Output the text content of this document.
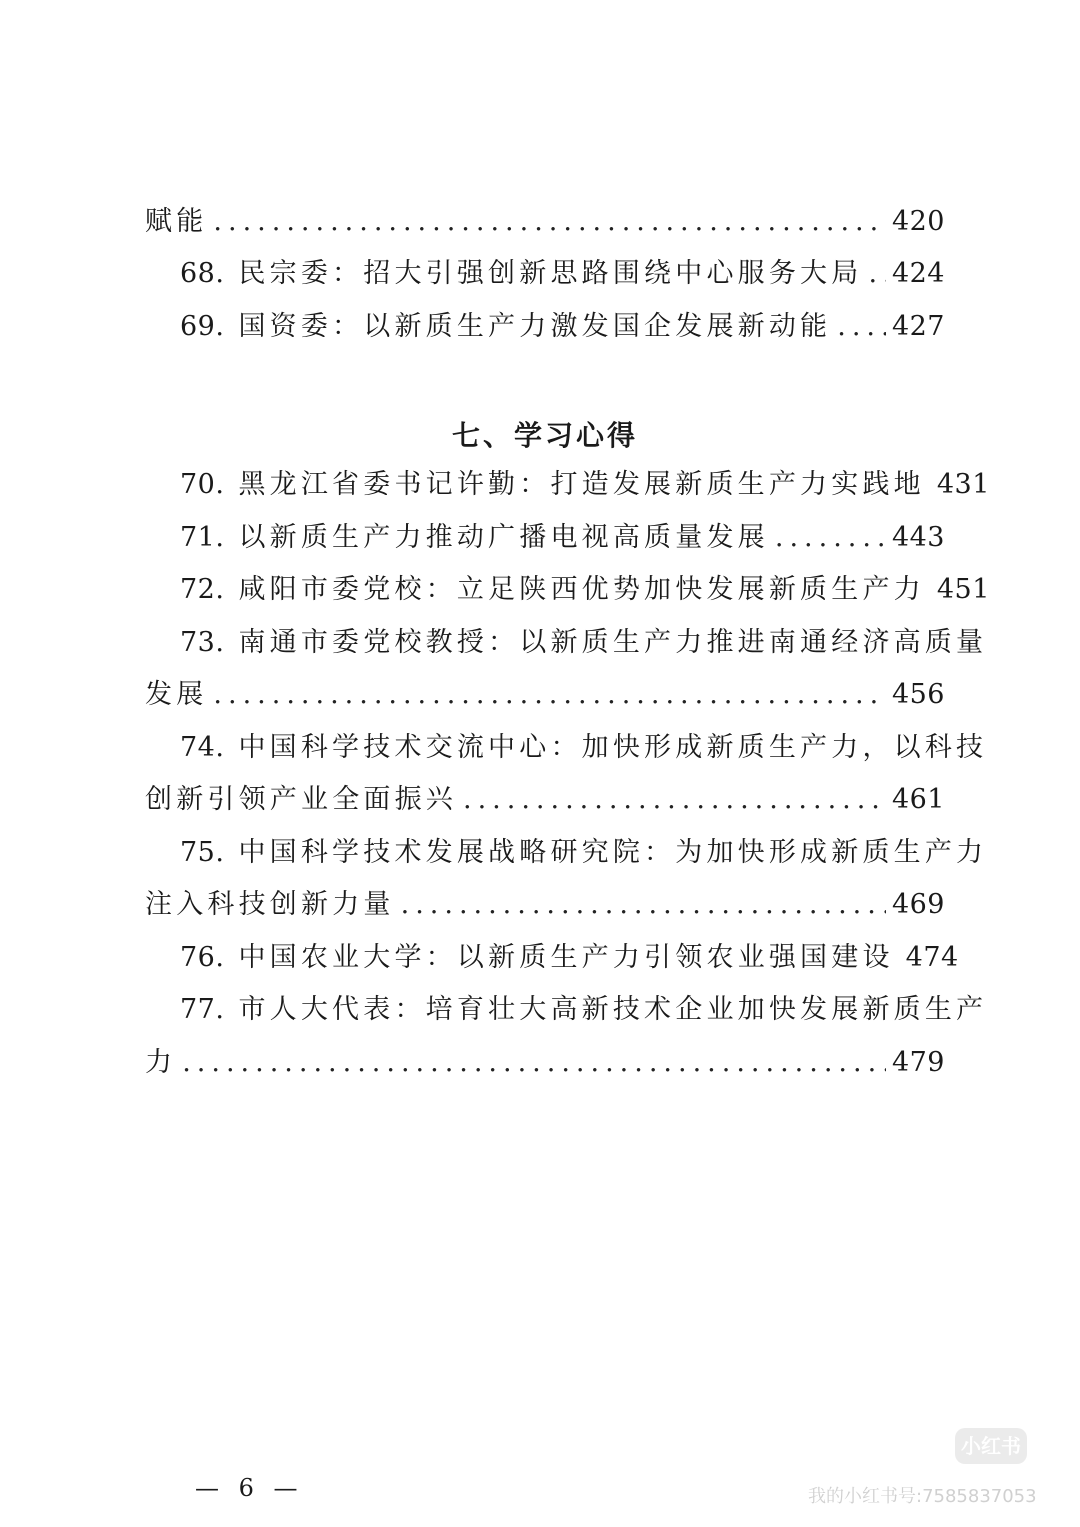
赋能 .....	420
68. 民宗委：招大引强创新思路围绕中心服务大局 ..... 424
69. 国资委：以新质生产力激发国企发展新动能 ..... 427
七、学习心得
70. 黑龙江省委书记许勤：打造发展新质生产力实践地 431
71. 以新质生产力推动广播电视高质量发展 .....	443
72. 咸阳市委党校：立足陕西优势加快发展新质生产力 451
73. 南通市委党校教授：以新质生产力推进南通经济高质量
发展 .....	456
74. 中国科学技术交流中心：加快形成新质生产力，以科技
创新引领产业全面振兴 .....	461
75. 中国科学技术发展战略研究院：为加快形成新质生产力
注入科技创新力量 .....	469
76. 中国农业大学：以新质生产力引领农业强国建设 474
77. 市人大代表：培育壮大高新技术企业加快发展新质生产
力 .....	479
— 6 —
小红书
我的小红书号:7585837053
